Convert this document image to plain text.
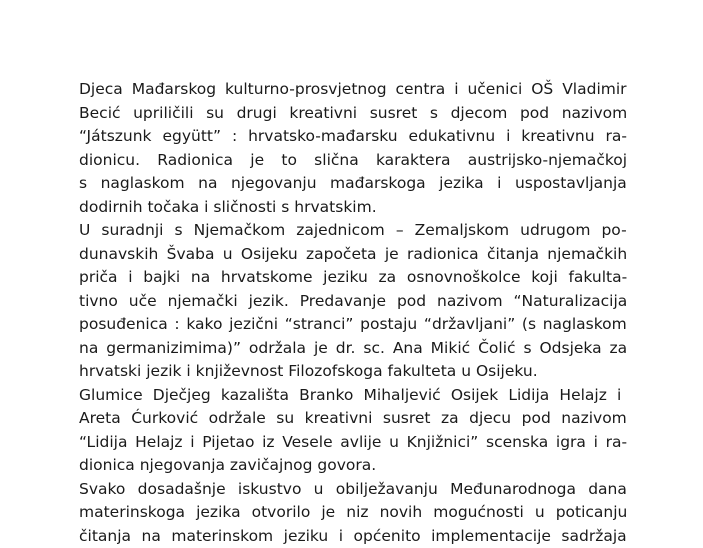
Djeca Mađarskog kulturno-prosvjetnog centra i učenici OŠ Vladimir
Becić upriličili su drugi kreativni susret s djecom pod nazivom
“Játszunk együtt” : hrvatsko-mađarsku edukativnu i kreativnu ra-
dionicu. Radionica je to slična karaktera austrijsko-njemačkoj
s naglaskom na njegovanju mađarskoga jezika i uspostavljanja
dodirnih točaka i sličnosti s hrvatskim.
U suradnji s Njemačkom zajednicom – Zemaljskom udrugom po-
dunavskih Švaba u Osijeku započeta je radionica čitanja njemačkih
priča i bajki na hrvatskome jeziku za osnovnoškolce koji fakulta-
tivno uče njemački jezik. Predavanje pod nazivom “Naturalizacija
posuđenica : kako jezični “stranci” postaju “državljani” (s naglaskom
na germanizimima)” održala je dr. sc. Ana Mikić Čolić s Odsjeka za
hrvatski jezik i književnost Filozofskoga fakulteta u Osijeku.
Glumice Dječjeg kazališta Branko Mihaljević Osijek Lidija Helajz i
Areta Ćurković održale su kreativni susret za djecu pod nazivom
“Lidija Helajz i Pijetao iz Vesele avlije u Knjižnici” scenska igra i ra-
dionica njegovanja zavičajnog govora.
Svako dosadašnje iskustvo u obilježavanju Međunarodnoga dana
materinskoga jezika otvorilo je niz novih mogućnosti u poticanju
čitanja na materinskom jeziku i općenito implementacije sadržaja
